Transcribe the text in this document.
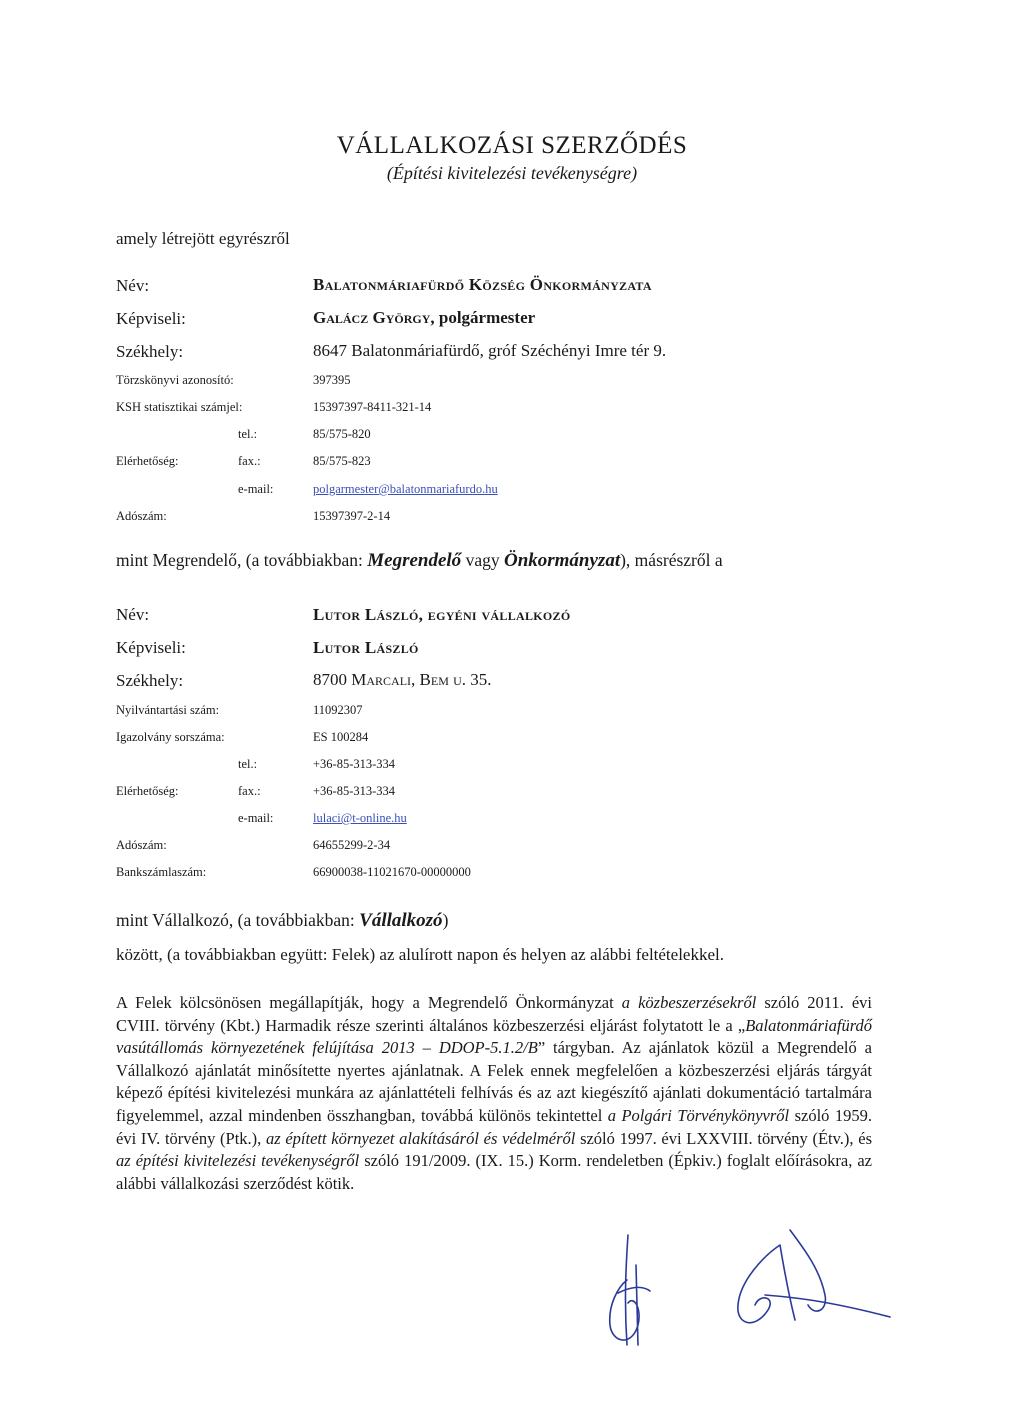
VÁLLALKOZÁSI SZERZŐDÉS
(Építési kivitelezési tevékenységre)
amely létrejött egyrészről
Név:	Balatonmáriafürdő Község Önkormányzata
Képviseli:	Galácz György, polgármester
Székhely:	8647 Balatonmáriafürdő, gróf Széchényi Imre tér 9.
Törzskönyvi azonosító:	397395
KSH statisztikai számjel:	15397397-8411-321-14
tel.:	85/575-820
Elérhetőség:	fax.:	85/575-823
e-mail:	polgarmester@balatonmariafurdo.hu
Adószám:	15397397-2-14
mint Megrendelő, (a továbbiakban: Megrendelő vagy Önkormányzat), másrészről a
Név:	Lutor László, egyéni vállalkozó
Képviseli:	Lutor László
Székhely:	8700 Marcali, Bem u. 35.
Nyilvántartási szám:	11092307
Igazolvány sorszáma:	ES 100284
tel.:	+36-85-313-334
Elérhetőség:	fax.:	+36-85-313-334
e-mail:	lulaci@t-online.hu
Adószám:	64655299-2-34
Bankszámlaszám:	66900038-11021670-00000000
mint Vállalkozó, (a továbbiakban: Vállalkozó)
között, (a továbbiakban együtt: Felek) az alulírott napon és helyen az alábbi feltételekkel.
A Felek kölcsönösen megállapítják, hogy a Megrendelő Önkormányzat a közbeszerzésekről szóló 2011. évi CVIII. törvény (Kbt.) Harmadik része szerinti általános közbeszerzési eljárást folytatott le a „Balatonmáriafürdő vasútállomás környezetének felújítása 2013 – DDOP-5.1.2/B” tárgyban. Az ajánlatok közül a Megrendelő a Vállalkozó ajánlatát minősítette nyertes ajánlatnak. A Felek ennek megfelelően a közbeszerzési eljárás tárgyát képező építési kivitelezési munkára az ajánlattételi felhívás és az azt kiegészítő ajánlati dokumentáció tartalmára figyelemmel, azzal mindenben összhangban, továbbá különös tekintettel a Polgári Törvénykönyvről szóló 1959. évi IV. törvény (Ptk.), az épített környezet alakításáról és védelméről szóló 1997. évi LXXVIII. törvény (Étv.), és az építési kivitelezési tevékenységről szóló 191/2009. (IX. 15.) Korm. rendeletben (Épkiv.) foglalt előírásokra, az alábbi vállalkozási szerződést kötik.
